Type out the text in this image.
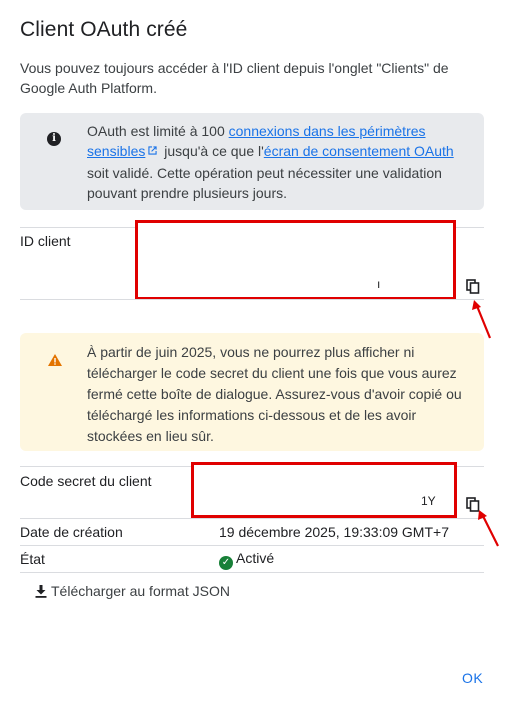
Client OAuth créé
Vous pouvez toujours accéder à l'ID client depuis l'onglet "Clients" de Google Auth Platform.
i	OAuth est limité à 100 connexions dans les périmètres sensibles jusqu'à ce que l'écran de consentement OAuth soit validé. Cette opération peut nécessiter une validation pouvant prendre plusieurs jours.
ID client
ı
À partir de juin 2025, vous ne pourrez plus afficher ni télécharger le code secret du client une fois que vous aurez fermé cette boîte de dialogue. Assurez-vous d'avoir copié ou téléchargé les informations ci-dessous et de les avoir stockées en lieu sûr.
Code secret du client
1Y
Date de création	19 décembre 2025, 19:33:09 GMT+7
État	✓ Activé
Télécharger au format JSON
OK
